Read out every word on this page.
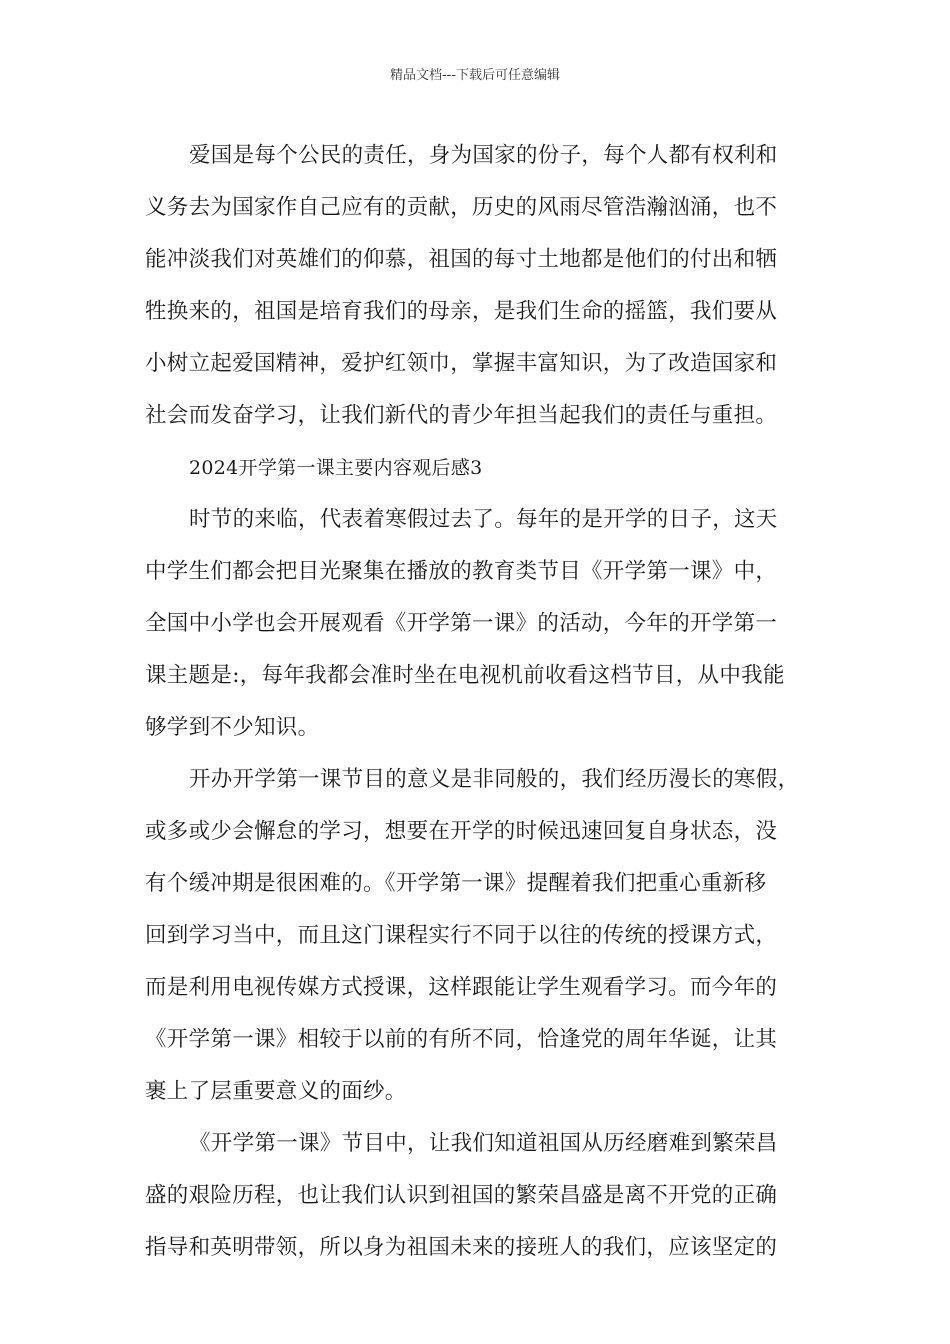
精品文档---下载后可任意编辑
爱国是每个公民的责任，身为国家的份子，每个人都有权利和
义务去为国家作自己应有的贡献，历史的风雨尽管浩瀚汹涌，也不
能冲淡我们对英雄们的仰慕，祖国的每寸土地都是他们的付出和牺
牲换来的，祖国是培育我们的母亲，是我们生命的摇篮，我们要从
小树立起爱国精神，爱护红领巾，掌握丰富知识，为了改造国家和
社会而发奋学习，让我们新代的青少年担当起我们的责任与重担。
2024开学第一课主要内容观后感3
时节的来临，代表着寒假过去了。每年的是开学的日子，这天
中学生们都会把目光聚集在播放的教育类节目《开学第一课》中，
全国中小学也会开展观看《开学第一课》的活动，今年的开学第一
课主题是:，每年我都会准时坐在电视机前收看这档节目，从中我能
够学到不少知识。
开办开学第一课节目的意义是非同般的，我们经历漫长的寒假，
或多或少会懈怠的学习，想要在开学的时候迅速回复自身状态，没
有个缓冲期是很困难的。《开学第一课》提醒着我们把重心重新移
回到学习当中，而且这门课程实行不同于以往的传统的授课方式，
而是利用电视传媒方式授课，这样跟能让学生观看学习。而今年的
《开学第一课》相较于以前的有所不同，恰逢党的周年华诞，让其
裹上了层重要意义的面纱。
《开学第一课》节目中，让我们知道祖国从历经磨难到繁荣昌
盛的艰险历程，也让我们认识到祖国的繁荣昌盛是离不开党的正确
指导和英明带领，所以身为祖国未来的接班人的我们，应该坚定的
